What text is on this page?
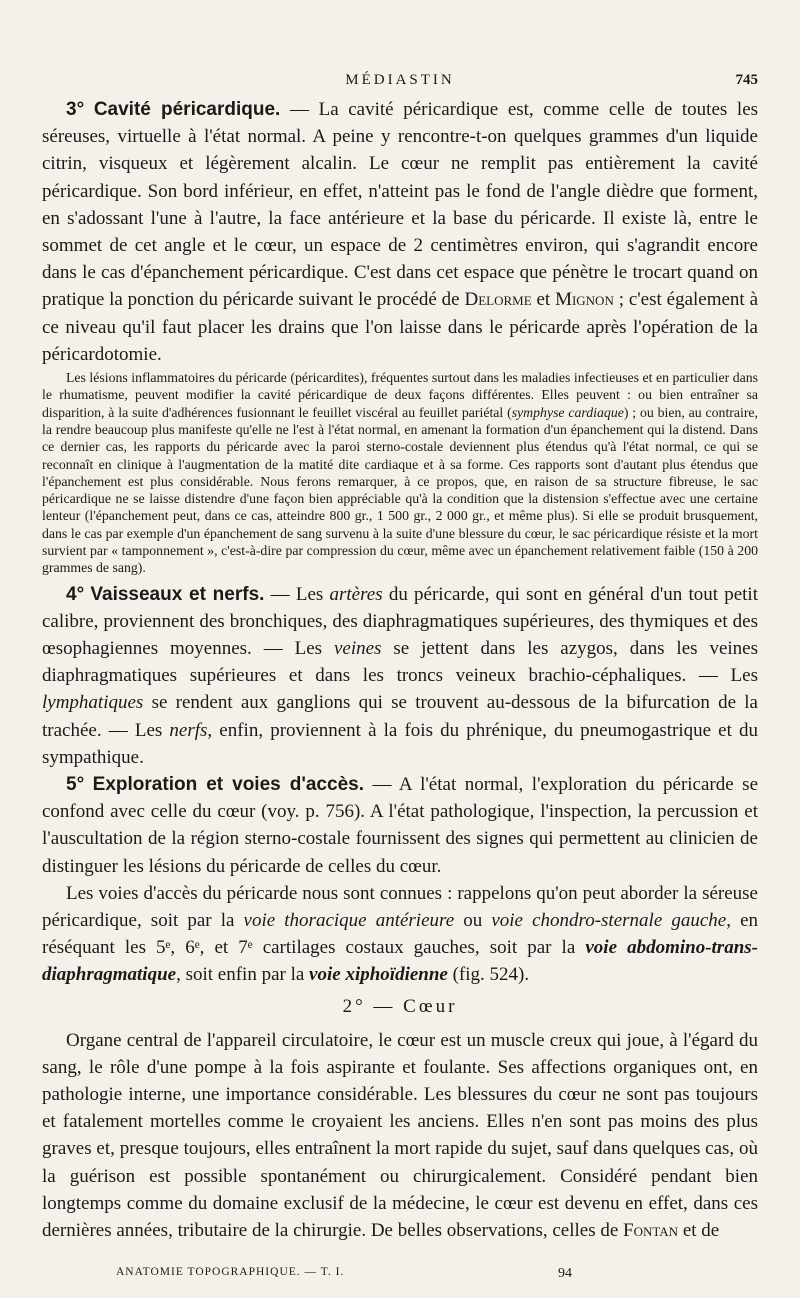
MÉDIASTIN	745

3° Cavité péricardique. — La cavité péricardique est, comme celle de toutes les séreuses, virtuelle à l'état normal. A peine y rencontre-t-on quelques grammes d'un liquide citrin, visqueux et légèrement alcalin. Le cœur ne remplit pas entièrement la cavité péricardique. Son bord inférieur, en effet, n'atteint pas le fond de l'angle dièdre que forment, en s'adossant l'une à l'autre, la face antérieure et la base du péricarde. Il existe là, entre le sommet de cet angle et le cœur, un espace de 2 centimètres environ, qui s'agrandit encore dans le cas d'épanchement péricardique. C'est dans cet espace que pénètre le trocart quand on pratique la ponction du péricarde suivant le procédé de Delorme et Mignon ; c'est également à ce niveau qu'il faut placer les drains que l'on laisse dans le péricarde après l'opération de la péricardotomie.

Les lésions inflammatoires du péricarde (péricardites), fréquentes surtout dans les maladies infectieuses et en particulier dans le rhumatisme, peuvent modifier la cavité péricardique de deux façons différentes. Elles peuvent : ou bien entraîner sa disparition, à la suite d'adhérences fusionnant le feuillet viscéral au feuillet pariétal (symphyse cardiaque) ; ou bien, au contraire, la rendre beaucoup plus manifeste qu'elle ne l'est à l'état normal, en amenant la formation d'un épanchement qui la distend. Dans ce dernier cas, les rapports du péricarde avec la paroi sterno-costale deviennent plus étendus qu'à l'état normal, ce qui se reconnaît en clinique à l'augmentation de la matité dite cardiaque et à sa forme. Ces rapports sont d'autant plus étendus que l'épanchement est plus considérable. Nous ferons remarquer, à ce propos, que, en raison de sa structure fibreuse, le sac péricardique ne se laisse distendre d'une façon bien appréciable qu'à la condition que la distension s'effectue avec une certaine lenteur (l'épanchement peut, dans ce cas, atteindre 800 gr., 1 500 gr., 2 000 gr., et même plus). Si elle se produit brusquement, dans le cas par exemple d'un épanchement de sang survenu à la suite d'une blessure du cœur, le sac péricardique résiste et la mort survient par « tamponnement », c'est-à-dire par compression du cœur, même avec un épanchement relativement faible (150 à 200 grammes de sang).

4° Vaisseaux et nerfs. — Les artères du péricarde, qui sont en général d'un tout petit calibre, proviennent des bronchiques, des diaphragmatiques supérieures, des thymiques et des œsophagiennes moyennes. — Les veines se jettent dans les azygos, dans les veines diaphragmatiques supérieures et dans les troncs veineux brachio-céphaliques. — Les lymphatiques se rendent aux ganglions qui se trouvent au-dessous de la bifurcation de la trachée. — Les nerfs, enfin, proviennent à la fois du phrénique, du pneumogastrique et du sympathique.

5° Exploration et voies d'accès. — A l'état normal, l'exploration du péricarde se confond avec celle du cœur (voy. p. 756). A l'état pathologique, l'inspection, la percussion et l'auscultation de la région sterno-costale fournissent des signes qui permettent au clinicien de distinguer les lésions du péricarde de celles du cœur.

Les voies d'accès du péricarde nous sont connues : rappelons qu'on peut aborder la séreuse péricardique, soit par la voie thoracique antérieure ou voie chondro-sternale gauche, en réséquant les 5ᵉ, 6ᵉ, et 7ᵉ cartilages costaux gauches, soit par la voie abdomino-trans-diaphragmatique, soit enfin par la voie xiphoïdienne (fig. 524).

2° — Cœur

Organe central de l'appareil circulatoire, le cœur est un muscle creux qui joue, à l'égard du sang, le rôle d'une pompe à la fois aspirante et foulante. Ses affections organiques ont, en pathologie interne, une importance considérable. Les blessures du cœur ne sont pas toujours et fatalement mortelles comme le croyaient les anciens. Elles n'en sont pas moins des plus graves et, presque toujours, elles entraînent la mort rapide du sujet, sauf dans quelques cas, où la guérison est possible spontanément ou chirurgicalement. Considéré pendant bien longtemps comme du domaine exclusif de la médecine, le cœur est devenu en effet, dans ces dernières années, tributaire de la chirurgie. De belles observations, celles de Fontan et de

ANATOMIE TOPOGRAPHIQUE. — T. I.	94
